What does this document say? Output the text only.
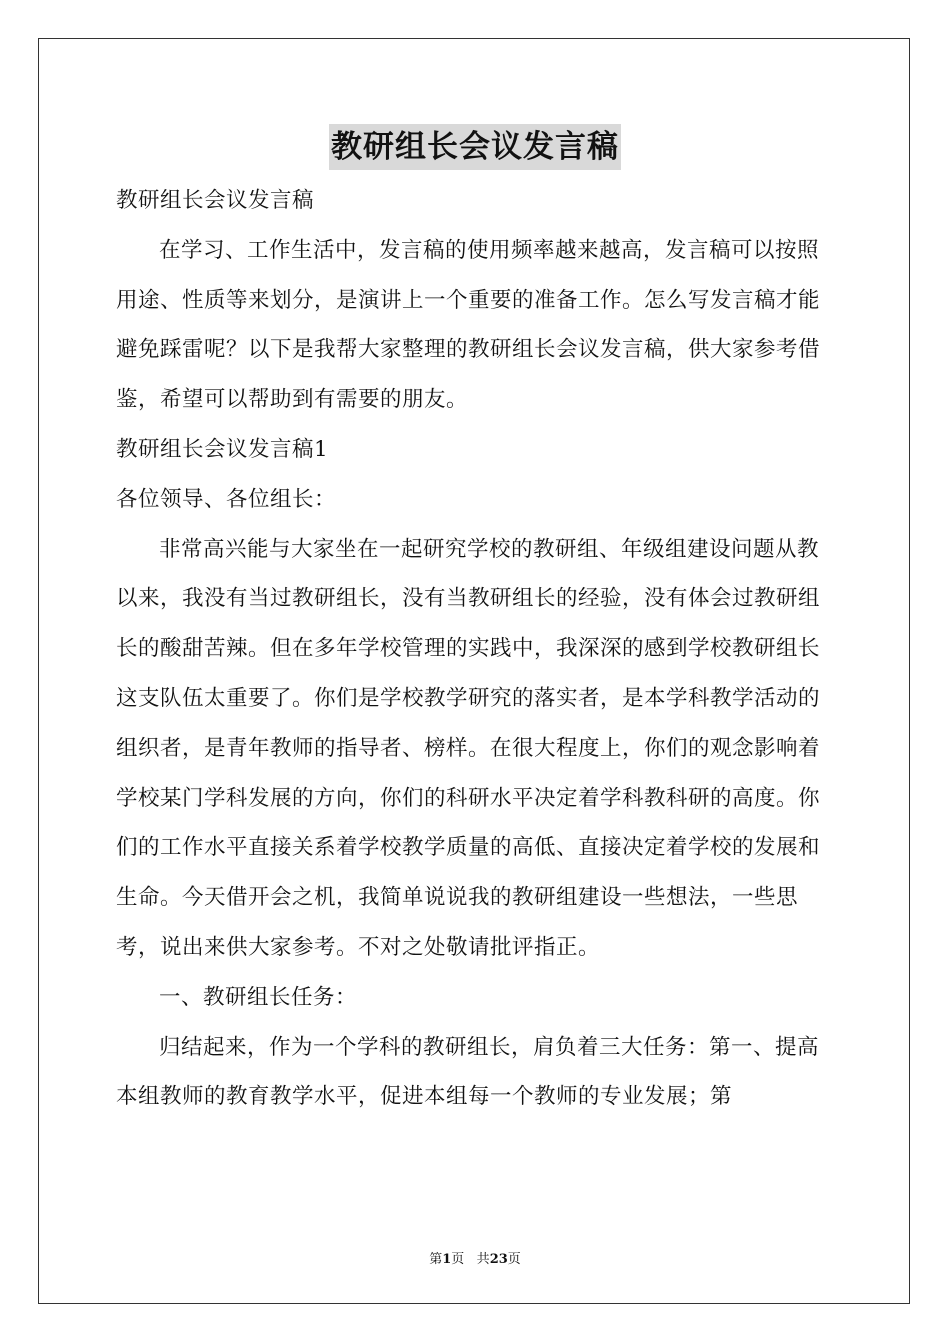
教研组长会议发言稿

教研组长会议发言稿

在学习、工作生活中，发言稿的使用频率越来越高，发言稿可以按照用途、性质等来划分，是演讲上一个重要的准备工作。怎么写发言稿才能避免踩雷呢？以下是我帮大家整理的教研组长会议发言稿，供大家参考借鉴，希望可以帮助到有需要的朋友。

教研组长会议发言稿1

各位领导、各位组长：

非常高兴能与大家坐在一起研究学校的教研组、年级组建设问题从教以来，我没有当过教研组长，没有当教研组长的经验，没有体会过教研组长的酸甜苦辣。但在多年学校管理的实践中，我深深的感到学校教研组长这支队伍太重要了。你们是学校教学研究的落实者，是本学科教学活动的组织者，是青年教师的指导者、榜样。在很大程度上，你们的观念影响着学校某门学科发展的方向，你们的科研水平决定着学科教科研的高度。你们的工作水平直接关系着学校教学质量的高低、直接决定着学校的发展和生命。今天借开会之机，我简单说说我的教研组建设一些想法，一些思考，说出来供大家参考。不对之处敬请批评指正。

一、教研组长任务：

归结起来，作为一个学科的教研组长，肩负着三大任务：第一、提高本组教师的教育教学水平，促进本组每一个教师的专业发展；第

第1页 共23页
